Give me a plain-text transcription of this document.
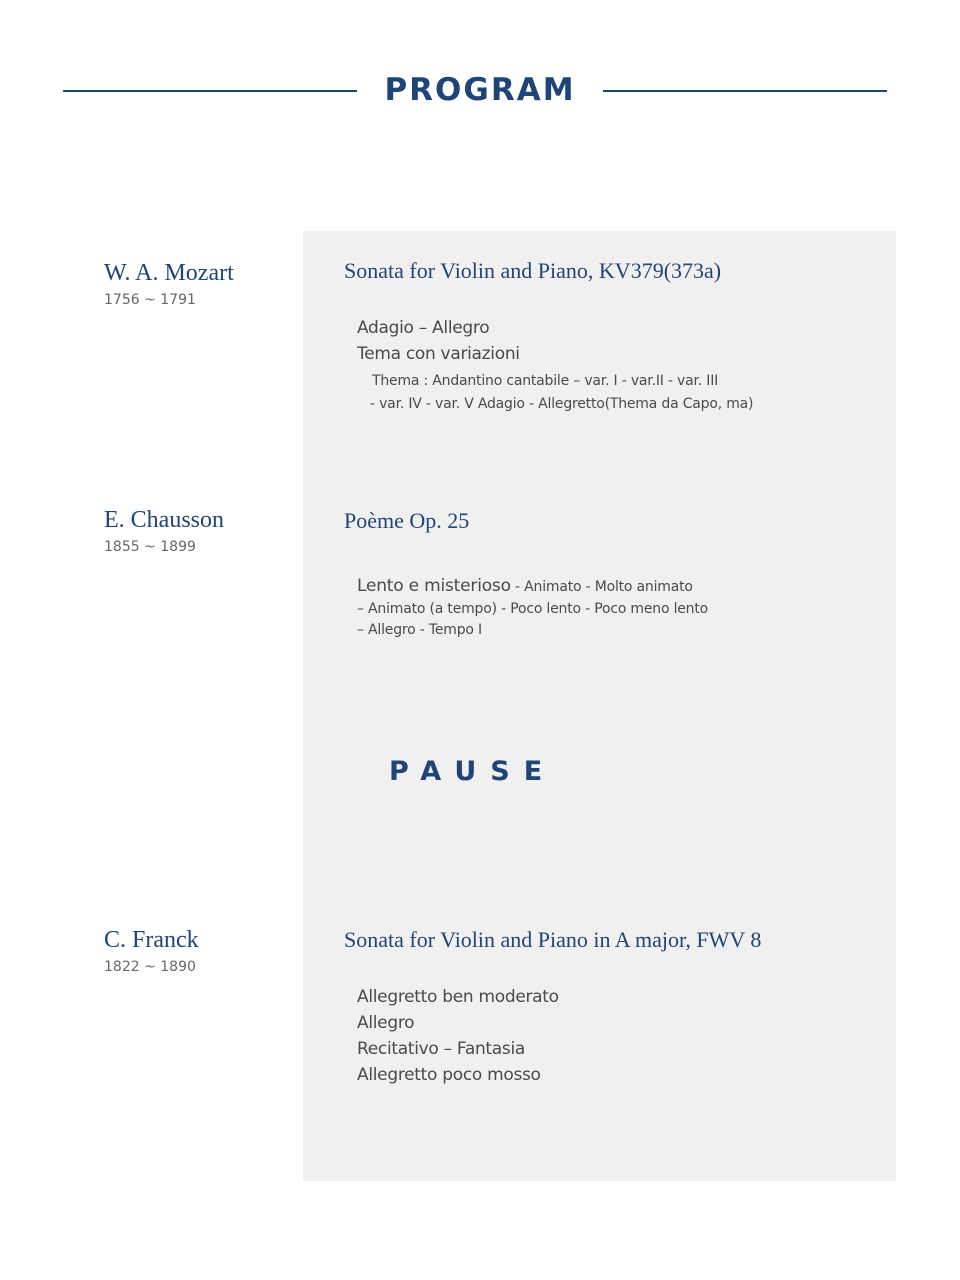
PROGRAM
W. A. Mozart
1756 ~ 1791
Sonata for Violin and Piano, KV379(373a)
Adagio – Allegro
Tema con variazioni
Thema : Andantino cantabile – var. I - var.II - var. III
- var. IV - var. V Adagio - Allegretto(Thema da Capo, ma)
E. Chausson
1855 ~ 1899
Poème Op. 25
Lento e misterioso - Animato - Molto animato
– Animato (a tempo) - Poco lento - Poco meno lento
– Allegro - Tempo I
PAUSE
C. Franck
1822 ~ 1890
Sonata for Violin and Piano in A major, FWV 8
Allegretto ben moderato
Allegro
Recitativo – Fantasia
Allegretto poco mosso
